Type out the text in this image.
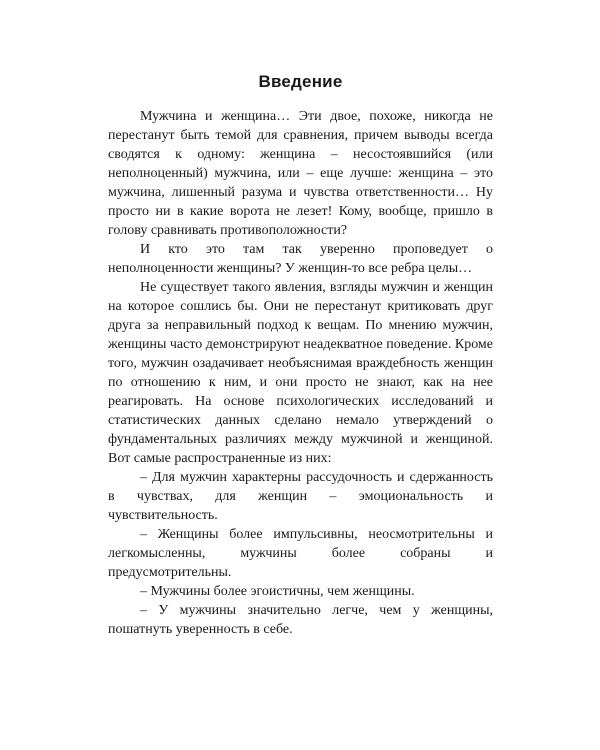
Введение

Мужчина и женщина… Эти двое, похоже, никогда не перестанут быть темой для сравнения, причем выводы всегда сводятся к одному: женщина – несостоявшийся (или неполноценный) мужчина, или – еще лучше: женщина – это мужчина, лишенный разума и чувства ответственности… Ну просто ни в какие ворота не лезет! Кому, вообще, пришло в голову сравнивать противоположности?

И кто это там так уверенно проповедует о неполноценности женщины? У женщин-то все ребра целы…

Не существует такого явления, взгляды мужчин и женщин на которое сошлись бы. Они не перестанут критиковать друг друга за неправильный подход к вещам. По мнению мужчин, женщины часто демонстрируют неадекватное поведение. Кроме того, мужчин озадачивает необъяснимая враждебность женщин по отношению к ним, и они просто не знают, как на нее реагировать. На основе психологических исследований и статистических данных сделано немало утверждений о фундаментальных различиях между мужчиной и женщиной. Вот самые распространенные из них:

– Для мужчин характерны рассудочность и сдержанность в чувствах, для женщин – эмоциональность и чувствительность.

– Женщины более импульсивны, неосмотрительны и легкомысленны, мужчины более собраны и предусмотрительны.

– Мужчины более эгоистичны, чем женщины.

– У мужчины значительно легче, чем у женщины, пошатнуть уверенность в себе.
